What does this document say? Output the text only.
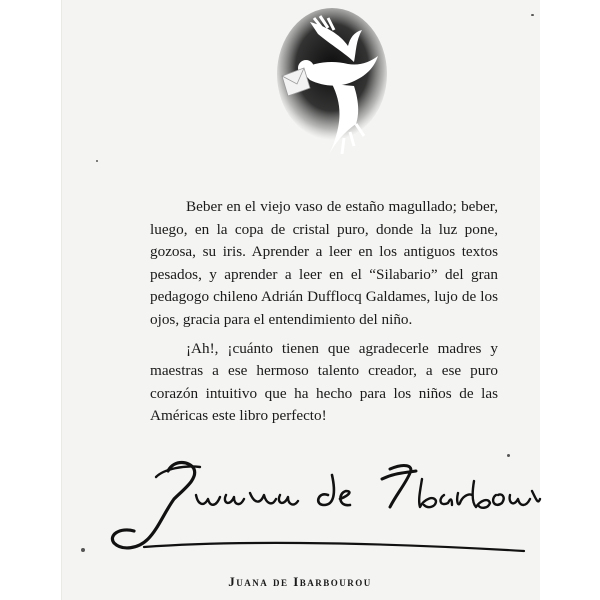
Beber en el viejo vaso de estaño magullado; beber, luego, en la copa de cristal puro, donde la luz pone, gozosa, su iris. Aprender a leer en los antiguos textos pesados, y aprender a leer en el “Silabario” del gran pedagogo chileno Adrián Dufflocq Galdames, lujo de los ojos, gracia para el entendimiento del niño.

¡Ah!, ¡cuánto tienen que agradecerle madres y maestras a ese hermoso talento creador, a ese puro corazón intuitivo que ha hecho para los niños de las Américas este libro perfecto!

Juana de Ibarbourou
